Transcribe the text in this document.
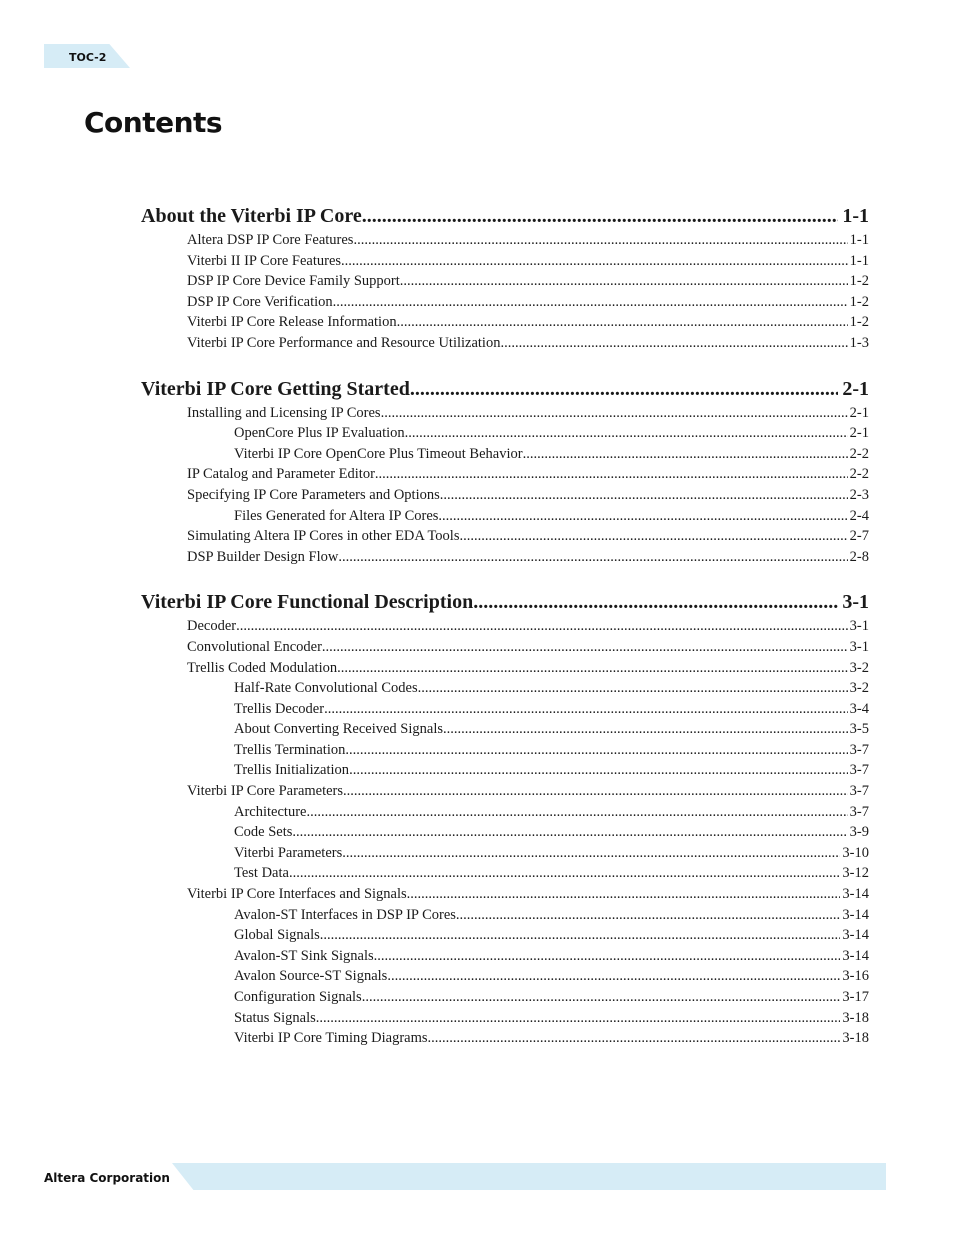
TOC-2
Contents
About the Viterbi IP Core .....	1-1
Altera DSP IP Core Features .....	1-1
Viterbi II IP Core Features .....	1-1
DSP IP Core Device Family Support .....	1-2
DSP IP Core Verification .....	1-2
Viterbi IP Core Release Information .....	1-2
Viterbi IP Core Performance and Resource Utilization .....	1-3
Viterbi IP Core Getting Started .....	2-1
Installing and Licensing IP Cores .....	2-1
OpenCore Plus IP Evaluation .....	2-1
Viterbi IP Core OpenCore Plus Timeout Behavior .....	2-2
IP Catalog and Parameter Editor .....	2-2
Specifying IP Core Parameters and Options .....	2-3
Files Generated for Altera IP Cores .....	2-4
Simulating Altera IP Cores in other EDA Tools .....	2-7
DSP Builder Design Flow .....	2-8
Viterbi IP Core Functional Description .....	3-1
Decoder .....	3-1
Convolutional Encoder .....	3-1
Trellis Coded Modulation .....	3-2
Half-Rate Convolutional Codes .....	3-2
Trellis Decoder .....	3-4
About Converting Received Signals .....	3-5
Trellis Termination .....	3-7
Trellis Initialization .....	3-7
Viterbi IP Core Parameters .....	3-7
Architecture .....	3-7
Code Sets .....	3-9
Viterbi Parameters .....	3-10
Test Data .....	3-12
Viterbi IP Core Interfaces and Signals .....	3-14
Avalon-ST Interfaces in DSP IP Cores .....	3-14
Global Signals .....	3-14
Avalon-ST Sink Signals .....	3-14
Avalon Source-ST Signals .....	3-16
Configuration Signals .....	3-17
Status Signals .....	3-18
Viterbi IP Core Timing Diagrams .....	3-18
Altera Corporation
